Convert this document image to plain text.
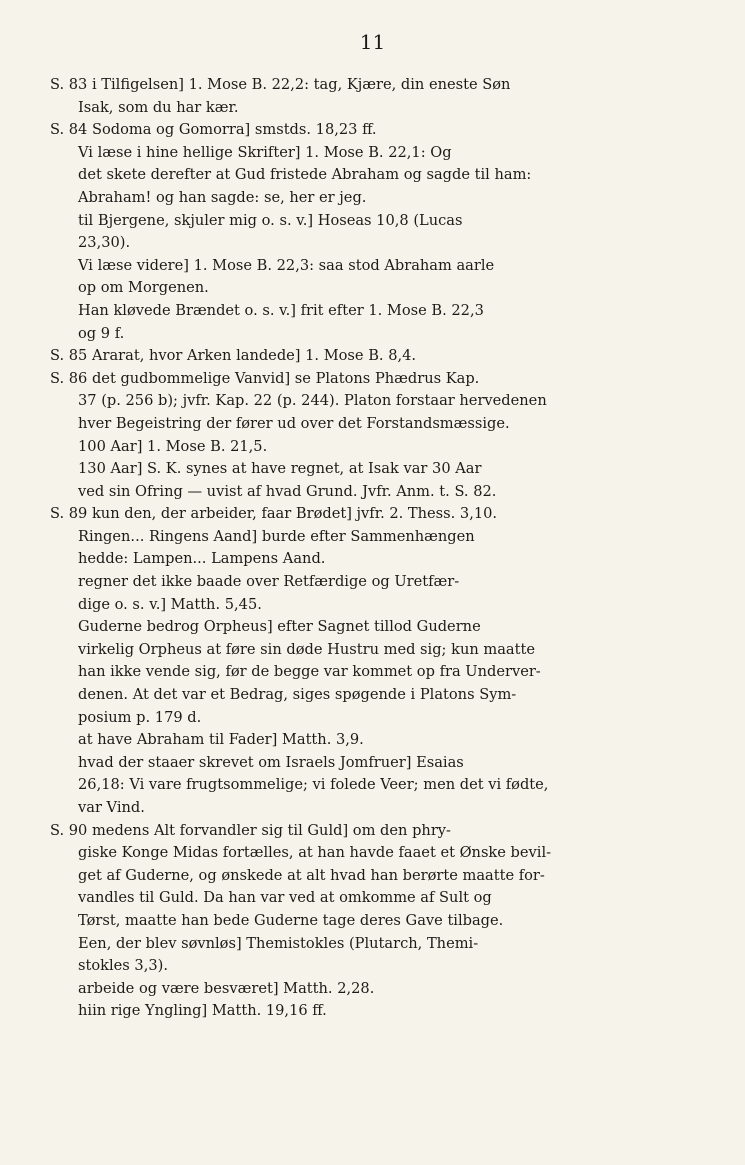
11
S. 83 i Tilfigelsen] 1. Mose B. 22,2: tag, Kjære, din eneste Søn
Isak, som du har kær.
S. 84 Sodoma og Gomorra] smstds. 18,23 ff.
Vi læse i hine hellige Skrifter] 1. Mose B. 22,1: Og
det skete derefter at Gud fristede Abraham og sagde til ham:
Abraham! og han sagde: se, her er jeg.
til Bjergene, skjuler mig o. s. v.] Hoseas 10,8 (Lucas
23,30).
Vi læse videre] 1. Mose B. 22,3: saa stod Abraham aarle
op om Morgenen.
Han kløvede Brændet o. s. v.] frit efter 1. Mose B. 22,3
og 9 f.
S. 85 Ararat, hvor Arken landede] 1. Mose B. 8,4.
S. 86 det gudbommelige Vanvid] se Platons Phædrus Kap.
37 (p. 256 b); jvfr. Kap. 22 (p. 244). Platon forstaar hervedenen
hver Begeistring der fører ud over det Forstandsmæssige.
100 Aar] 1. Mose B. 21,5.
130 Aar] S. K. synes at have regnet, at Isak var 30 Aar
ved sin Ofring — uvist af hvad Grund. Jvfr. Anm. t. S. 82.
S. 89 kun den, der arbeider, faar Brødet] jvfr. 2. Thess. 3,10.
Ringen... Ringens Aand] burde efter Sammenhængen
hedde: Lampen... Lampens Aand.
regner det ikke baade over Retfærdige og Uretfær-
dige o. s. v.] Matth. 5,45.
Guderne bedrog Orpheus] efter Sagnet tillod Guderne
virkelig Orpheus at føre sin døde Hustru med sig; kun maatte
han ikke vende sig, før de begge var kommet op fra Underver-
denen. At det var et Bedrag, siges spøgende i Platons Sym-
posium p. 179 d.
at have Abraham til Fader] Matth. 3,9.
hvad der staaer skrevet om Israels Jomfruer] Esaias
26,18: Vi vare frugtsommelige; vi folede Veer; men det vi fødte,
var Vind.
S. 90 medens Alt forvandler sig til Guld] om den phry-
giske Konge Midas fortælles, at han havde faaet et Ønske bevil-
get af Guderne, og ønskede at alt hvad han berørte maatte for-
vandles til Guld. Da han var ved at omkomme af Sult og
Tørst, maatte han bede Guderne tage deres Gave tilbage.
Een, der blev søvnløs] Themistokles (Plutarch, Themi-
stokles 3,3).
arbeide og være besværet] Matth. 2,28.
hiin rige Yngling] Matth. 19,16 ff.
